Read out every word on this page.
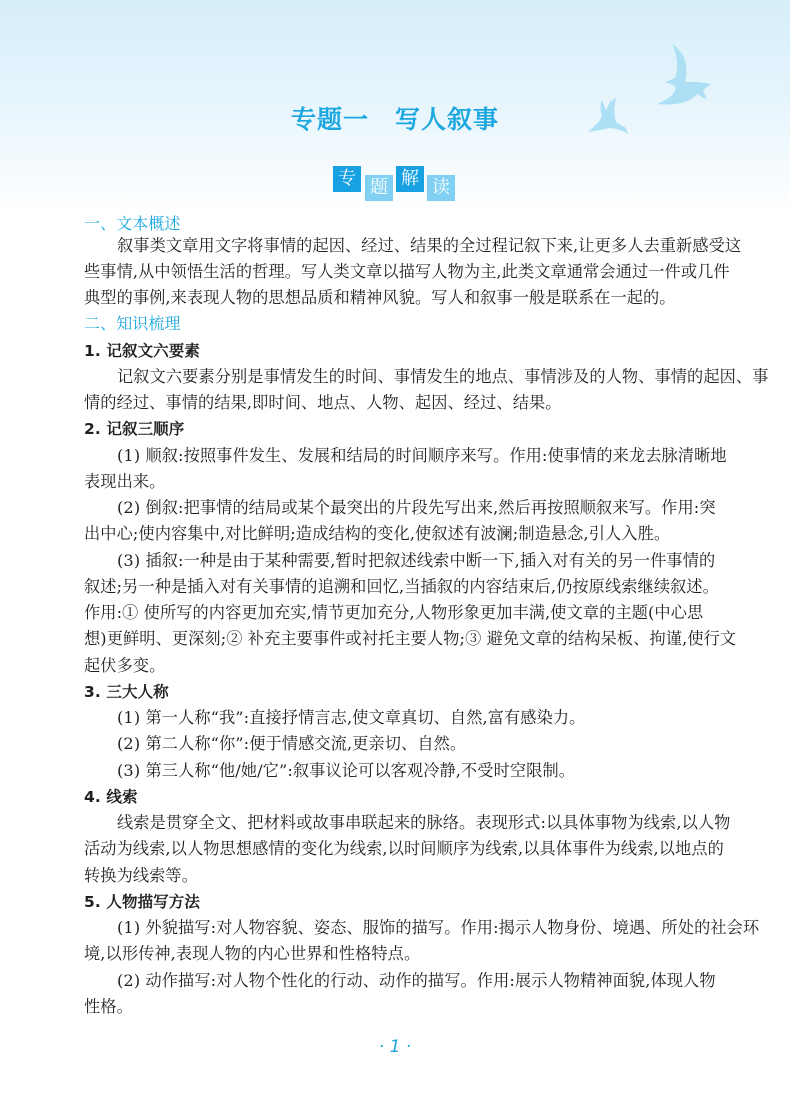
专题一 写人叙事
专 题 解 读
一、文本概述
叙事类文章用文字将事情的起因、经过、结果的全过程记叙下来,让更多人去重新感受这
些事情,从中领悟生活的哲理。写人类文章以描写人物为主,此类文章通常会通过一件或几件
典型的事例,来表现人物的思想品质和精神风貌。写人和叙事一般是联系在一起的。
二、知识梳理
1. 记叙文六要素
记叙文六要素分别是事情发生的时间、事情发生的地点、事情涉及的人物、事情的起因、事
情的经过、事情的结果,即时间、地点、人物、起因、经过、结果。
2. 记叙三顺序
(1) 顺叙:按照事件发生、发展和结局的时间顺序来写。作用:使事情的来龙去脉清晰地
表现出来。
(2) 倒叙:把事情的结局或某个最突出的片段先写出来,然后再按照顺叙来写。作用:突
出中心;使内容集中,对比鲜明;造成结构的变化,使叙述有波澜;制造悬念,引人入胜。
(3) 插叙:一种是由于某种需要,暂时把叙述线索中断一下,插入对有关的另一件事情的
叙述;另一种是插入对有关事情的追溯和回忆,当插叙的内容结束后,仍按原线索继续叙述。
作用:① 使所写的内容更加充实,情节更加充分,人物形象更加丰满,使文章的主题(中心思
想)更鲜明、更深刻;② 补充主要事件或衬托主要人物;③ 避免文章的结构呆板、拘谨,使行文
起伏多变。
3. 三大人称
(1) 第一人称“我”:直接抒情言志,使文章真切、自然,富有感染力。
(2) 第二人称“你”:便于情感交流,更亲切、自然。
(3) 第三人称“他/她/它”:叙事议论可以客观冷静,不受时空限制。
4. 线索
线索是贯穿全文、把材料或故事串联起来的脉络。表现形式:以具体事物为线索,以人物
活动为线索,以人物思想感情的变化为线索,以时间顺序为线索,以具体事件为线索,以地点的
转换为线索等。
5. 人物描写方法
(1) 外貌描写:对人物容貌、姿态、服饰的描写。作用:揭示人物身份、境遇、所处的社会环
境,以形传神,表现人物的内心世界和性格特点。
(2) 动作描写:对人物个性化的行动、动作的描写。作用:展示人物精神面貌,体现人物
性格。
· 1 ·
